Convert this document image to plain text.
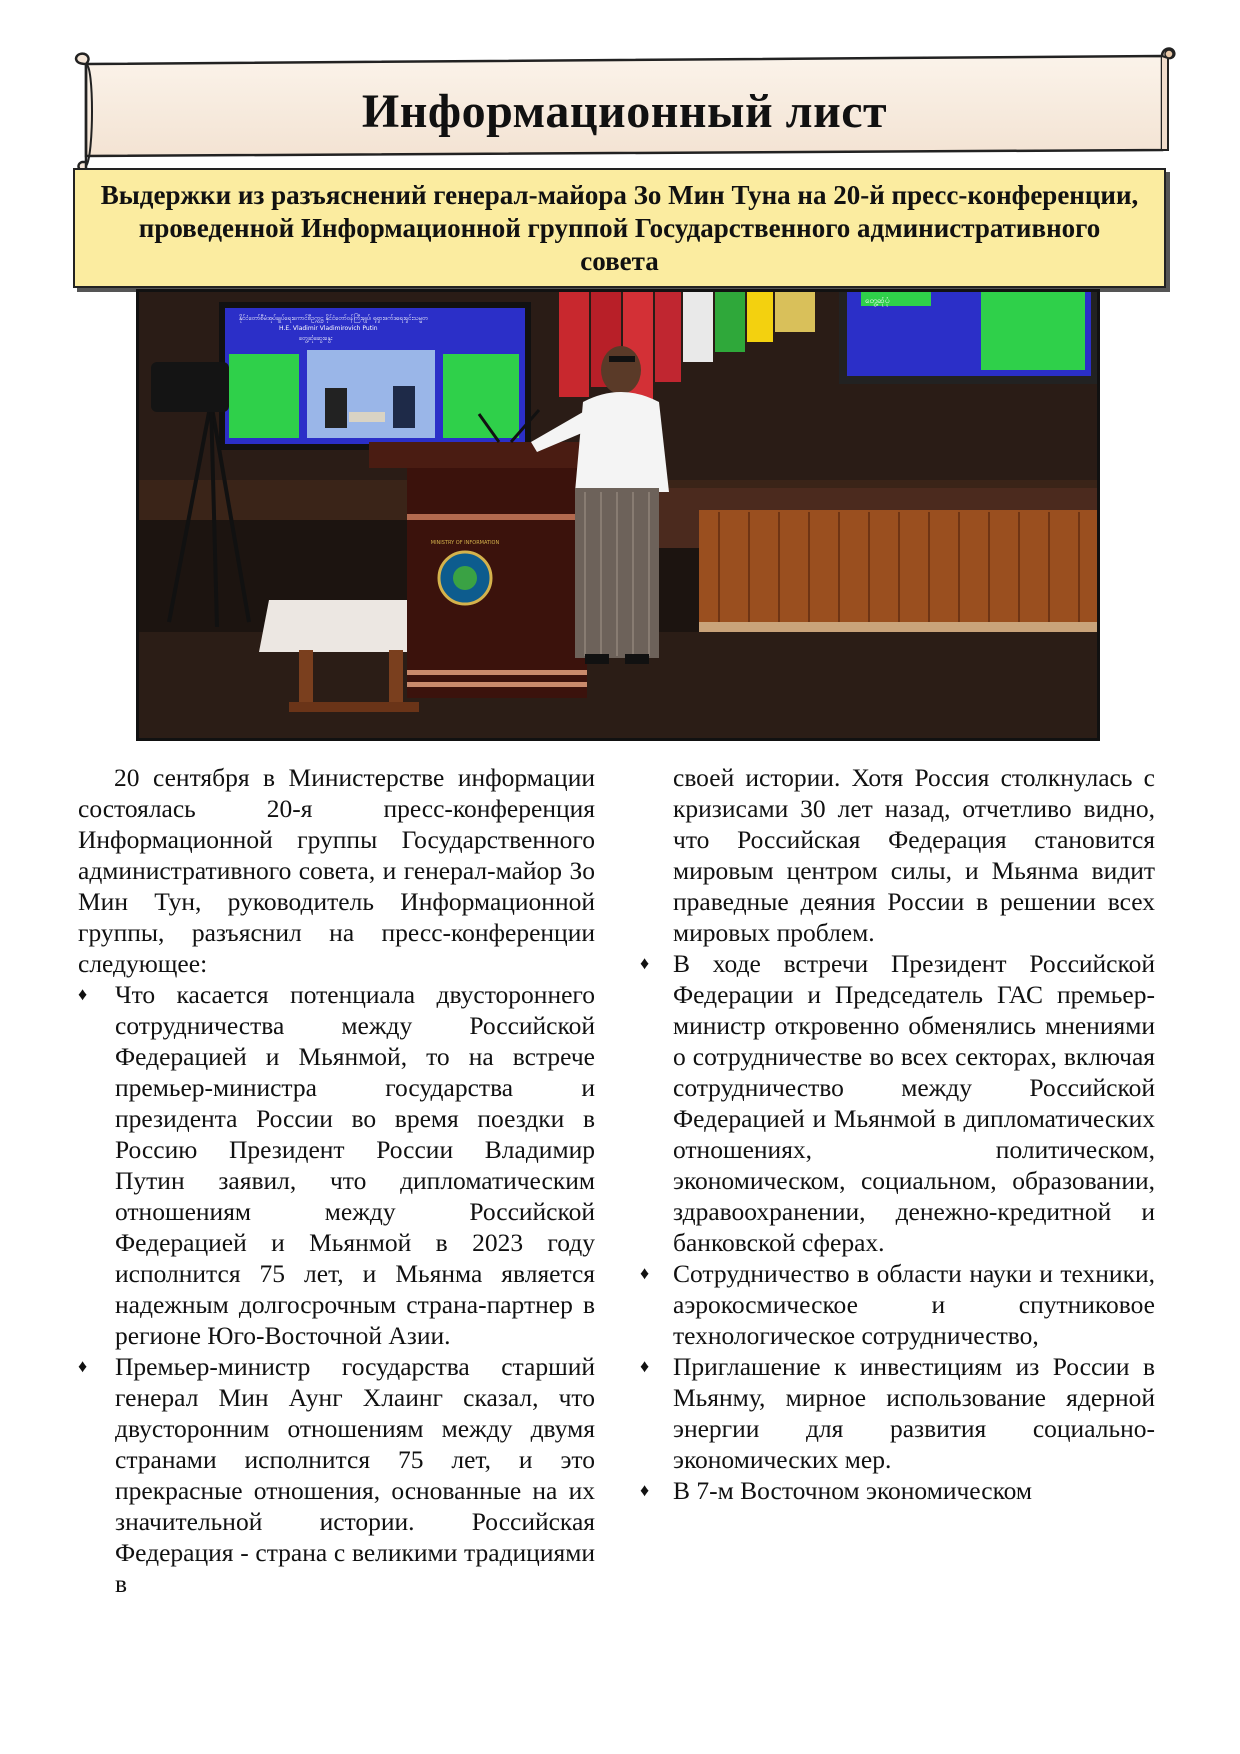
Информационный лист
Выдержки из разъяснений генерал-майора Зо Мин Туна на 20-й пресс-конференции, проведенной Информационной группой Государственного административного совета
နိုင်ငံတော်စီမံအုပ်ချုပ်ရေးကောင်စီဥက္ကဋ္ဌ နိုင်ငံတော်ဝန်ကြီးချုပ်၊ ရုရှားဖက်ဒရေးရှင်းသမ္မတ
H.E. Vladimir Vladimirovich Putin
တွေ့ဆုံဆွေးနွေး
တွေ့ဆုံပုံ
MINISTRY OF INFORMATION

20 сентября в Министерстве информации состоялась 20-я пресс-конференция Информационной группы Государственного административного совета, и генерал-майор Зо Мин Тун, руководитель Информационной группы, разъяснил на пресс-конференции следующее:

♦ Что касается потенциала двустороннего сотрудничества между Российской Федерацией и Мьянмой, то на встрече премьер-министра государства и президента России во время поездки в Россию Президент России Владимир Путин заявил, что дипломатическим отношениям между Российской Федерацией и Мьянмой в 2023 году исполнится 75 лет, и Мьянма является надежным долгосрочным страна-партнер в регионе Юго-Восточной Азии.
♦ Премьер-министр государства старший генерал Мин Аунг Хлаинг сказал, что двусторонним отношениям между двумя странами исполнится 75 лет, и это прекрасные отношения, основанные на их значительной истории. Российская Федерация - страна с великими традициями в

своей истории. Хотя Россия столкнулась с кризисами 30 лет назад, отчетливо видно, что Российская Федерация становится мировым центром силы, и Мьянма видит праведные деяния России в решении всех мировых проблем.

♦ В ходе встречи Президент Российской Федерации и Председатель ГАС премьер-министр откровенно обменялись мнениями о сотрудничестве во всех секторах, включая сотрудничество между Российской Федерацией и Мьянмой в дипломатических отношениях, политическом, экономическом, социальном, образовании, здравоохранении, денежно-кредитной и банковской сферах.
♦ Сотрудничество в области науки и техники, аэрокосмическое и спутниковое технологическое сотрудничество,
♦ Приглашение к инвестициям из России в Мьянму, мирное использование ядерной энергии для развития социально-экономических мер.
♦ В 7-м Восточном экономическом
